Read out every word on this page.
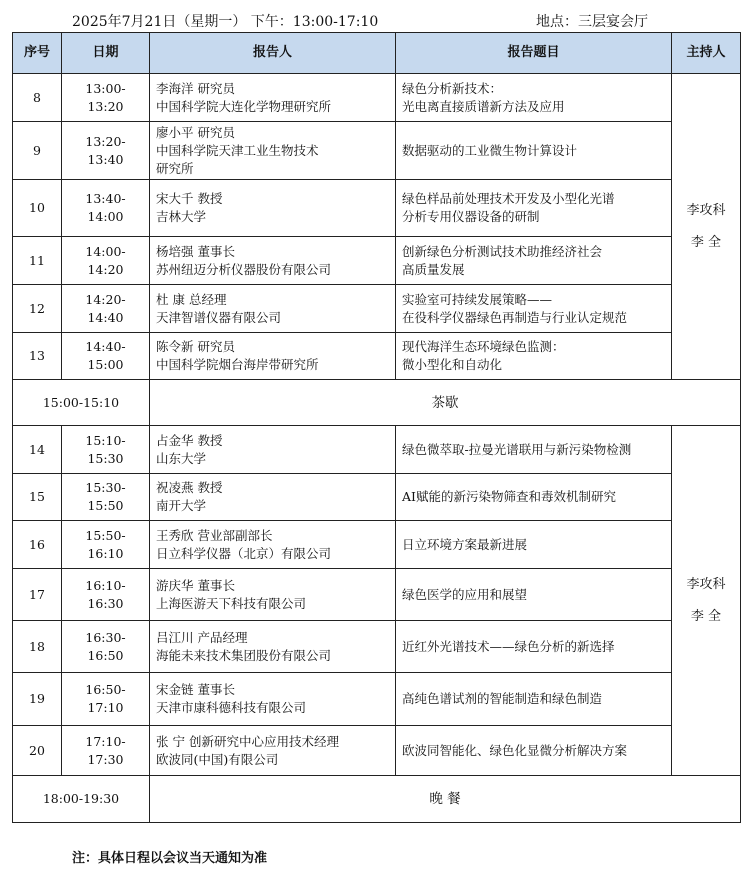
2025年7月21日（星期一） 下午：13:00-17:10	地点：三层宴会厅
序号	日期	报告人	报告题目	主持人
8	13:00-13:20	李海洋 研究员
中国科学院大连化学物理研究所	绿色分析新技术：
光电离直接质谱新方法及应用	李攻科
李 全

9	13:20-13:40	廖小平 研究员
中国科学院天津工业生物技术
研究所	数据驱动的工业微生物计算设计	

10	13:40-14:00	宋大千 教授
吉林大学	绿色样品前处理技术开发及小型化光谱
分析专用仪器设备的研制	

11	14:00-14:20	杨培强 董事长
苏州纽迈分析仪器股份有限公司	创新绿色分析测试技术助推经济社会
高质量发展	

12	14:20-14:40	杜 康 总经理
天津智谱仪器有限公司	实验室可持续发展策略——
在役科学仪器绿色再制造与行业认定规范	

13	14:40-15:00	陈令新 研究员
中国科学院烟台海岸带研究所	现代海洋生态环境绿色监测：
微小型化和自动化	

15:00-15:10		茶歇		
14	15:10-15:30	占金华 教授
山东大学	绿色微萃取-拉曼光谱联用与新污染物检测	李攻科
李 全

15	15:30-15:50	祝凌燕 教授
南开大学	AI赋能的新污染物筛查和毒效机制研究	

16	15:50-16:10	王秀欣 营业部副部长
日立科学仪器（北京）有限公司	日立环境方案最新进展	

17	16:10-16:30	游庆华 董事长
上海医游天下科技有限公司	绿色医学的应用和展望	

18	16:30-16:50	吕江川 产品经理
海能未来技术集团股份有限公司	近红外光谱技术——绿色分析的新选择	

19	16:50-17:10	宋金链 董事长
天津市康科德科技有限公司	高纯色谱试剂的智能制造和绿色制造	

20	17:10-17:30	张 宁 创新研究中心应用技术经理
欧波同(中国)有限公司	欧波同智能化、绿色化显微分析解决方案	

18:00-19:30		晚 餐		
注：具体日程以会议当天通知为准
